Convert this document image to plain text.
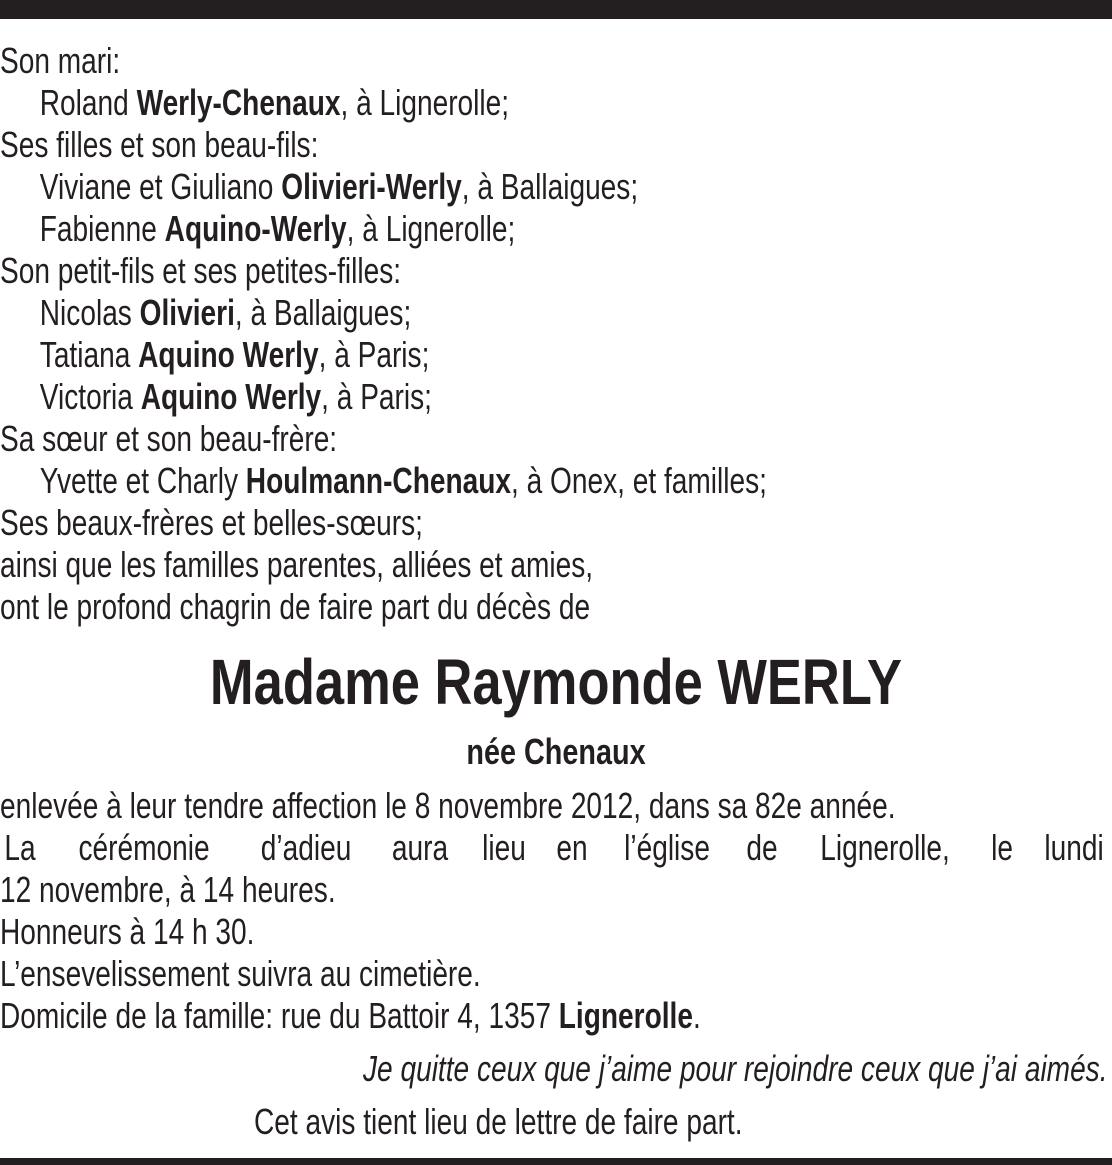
Son mari:
Roland Werly-Chenaux, à Lignerolle;
Ses filles et son beau-fils:
Viviane et Giuliano Olivieri-Werly, à Ballaigues;
Fabienne Aquino-Werly, à Lignerolle;
Son petit-fils et ses petites-filles:
Nicolas Olivieri, à Ballaigues;
Tatiana Aquino Werly, à Paris;
Victoria Aquino Werly, à Paris;
Sa sœur et son beau-frère:
Yvette et Charly Houlmann-Chenaux, à Onex, et familles;
Ses beaux-frères et belles-sœurs;
ainsi que les familles parentes, alliées et amies,
ont le profond chagrin de faire part du décès de
Madame Raymonde WERLY
née Chenaux
enlevée à leur tendre affection le 8 novembre 2012, dans sa 82e année.
La cérémonie d’adieu aura lieu en l’église de Lignerolle, le lundi
12 novembre, à 14 heures.
Honneurs à 14 h 30.
L’ensevelissement suivra au cimetière.
Domicile de la famille: rue du Battoir 4, 1357 Lignerolle.
Je quitte ceux que j’aime pour rejoindre ceux que j’ai aimés.
Cet avis tient lieu de lettre de faire part.
